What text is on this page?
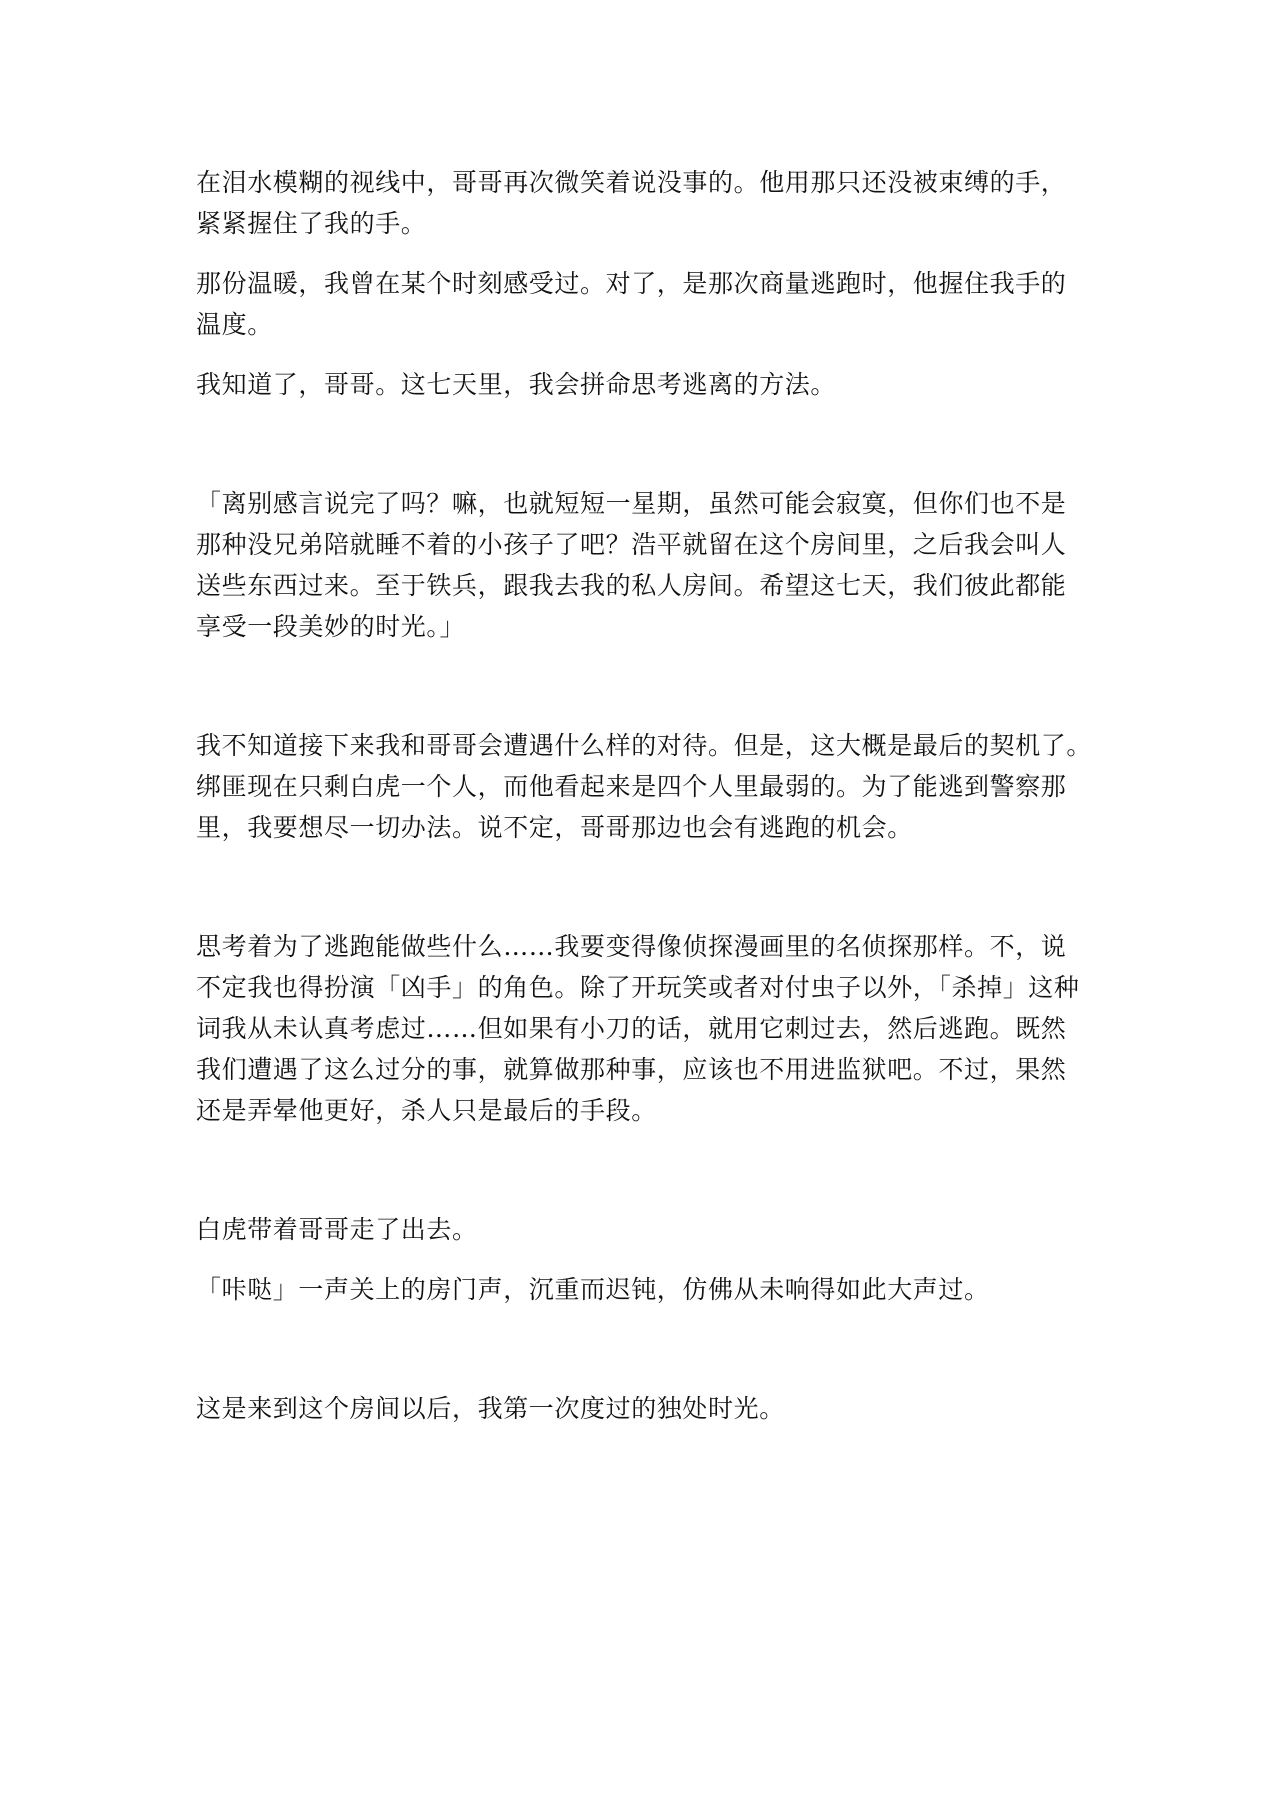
在泪水模糊的视线中，哥哥再次微笑着说没事的。他用那只还没被束缚的手，
紧紧握住了我的手。

那份温暖，我曾在某个时刻感受过。对了，是那次商量逃跑时，他握住我手的
温度。

我知道了，哥哥。这七天里，我会拼命思考逃离的方法。

「离别感言说完了吗？嘛，也就短短一星期，虽然可能会寂寞，但你们也不是
那种没兄弟陪就睡不着的小孩子了吧？浩平就留在这个房间里，之后我会叫人
送些东西过来。至于铁兵，跟我去我的私人房间。希望这七天，我们彼此都能
享受一段美妙的时光。」

我不知道接下来我和哥哥会遭遇什么样的对待。但是，这大概是最后的契机了。
绑匪现在只剩白虎一个人，而他看起来是四个人里最弱的。为了能逃到警察那
里，我要想尽一切办法。说不定，哥哥那边也会有逃跑的机会。

思考着为了逃跑能做些什么……我要变得像侦探漫画里的名侦探那样。不，说
不定我也得扮演「凶手」的角色。除了开玩笑或者对付虫子以外，「杀掉」这种
词我从未认真考虑过……但如果有小刀的话，就用它刺过去，然后逃跑。既然
我们遭遇了这么过分的事，就算做那种事，应该也不用进监狱吧。不过，果然
还是弄晕他更好，杀人只是最后的手段。

白虎带着哥哥走了出去。

「咔哒」一声关上的房门声，沉重而迟钝，仿佛从未响得如此大声过。

这是来到这个房间以后，我第一次度过的独处时光。
